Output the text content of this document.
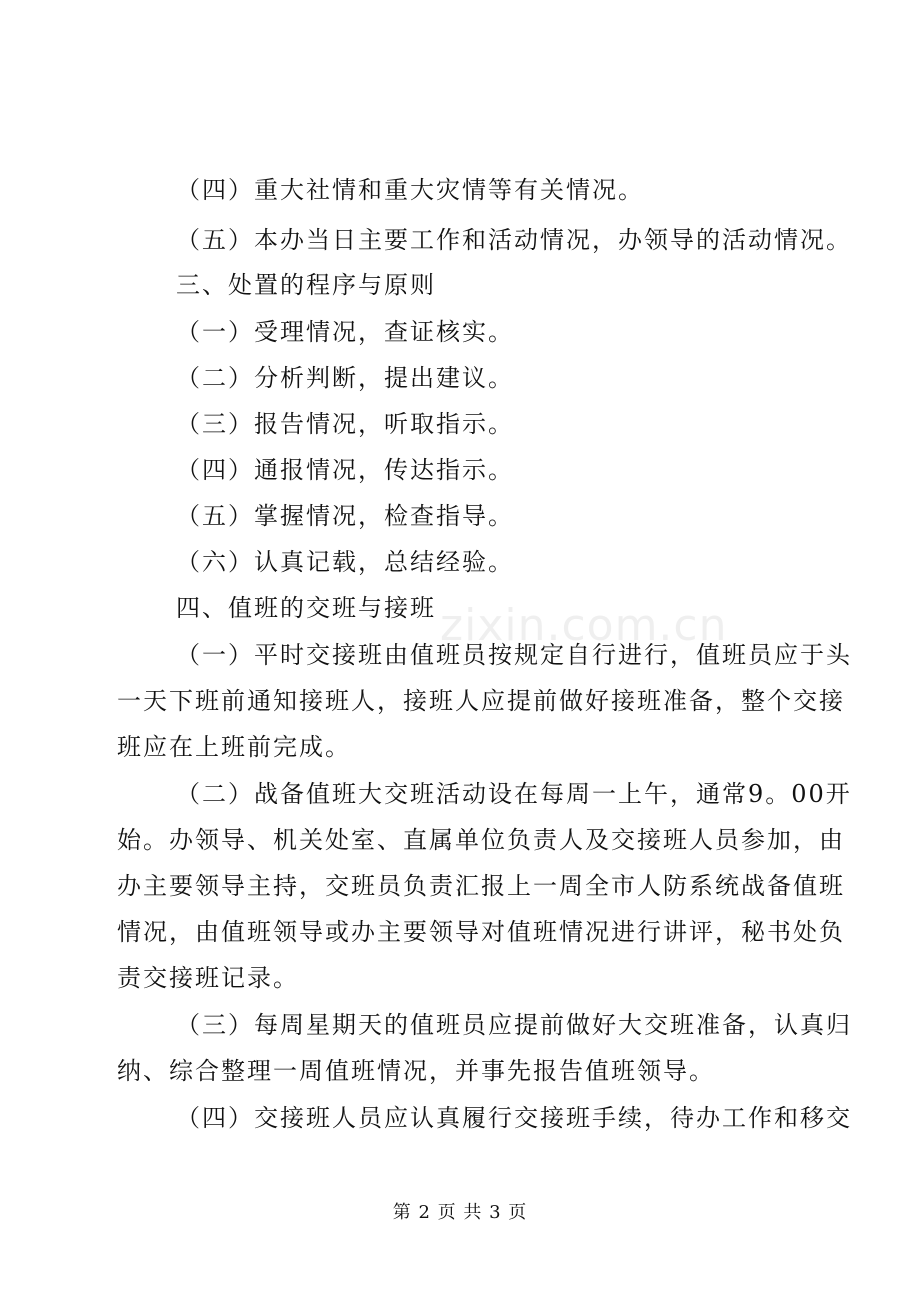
zixin.com.cn
（四）重大社情和重大灾情等有关情况。
（五）本办当日主要工作和活动情况，办领导的活动情况。
三、处置的程序与原则
（一）受理情况，查证核实。
（二）分析判断，提出建议。
（三）报告情况，听取指示。
（四）通报情况，传达指示。
（五）掌握情况，检查指导。
（六）认真记载，总结经验。
四、值班的交班与接班
（一）平时交接班由值班员按规定自行进行，值班员应于头
一天下班前通知接班人，接班人应提前做好接班准备，整个交接
班应在上班前完成。
（二）战备值班大交班活动设在每周一上午，通常9。00开
始。办领导、机关处室、直属单位负责人及交接班人员参加，由
办主要领导主持，交班员负责汇报上一周全市人防系统战备值班
情况，由值班领导或办主要领导对值班情况进行讲评，秘书处负
责交接班记录。
（三）每周星期天的值班员应提前做好大交班准备，认真归
纳、综合整理一周值班情况，并事先报告值班领导。
（四）交接班人员应认真履行交接班手续，待办工作和移交
第 2 页 共 3 页
